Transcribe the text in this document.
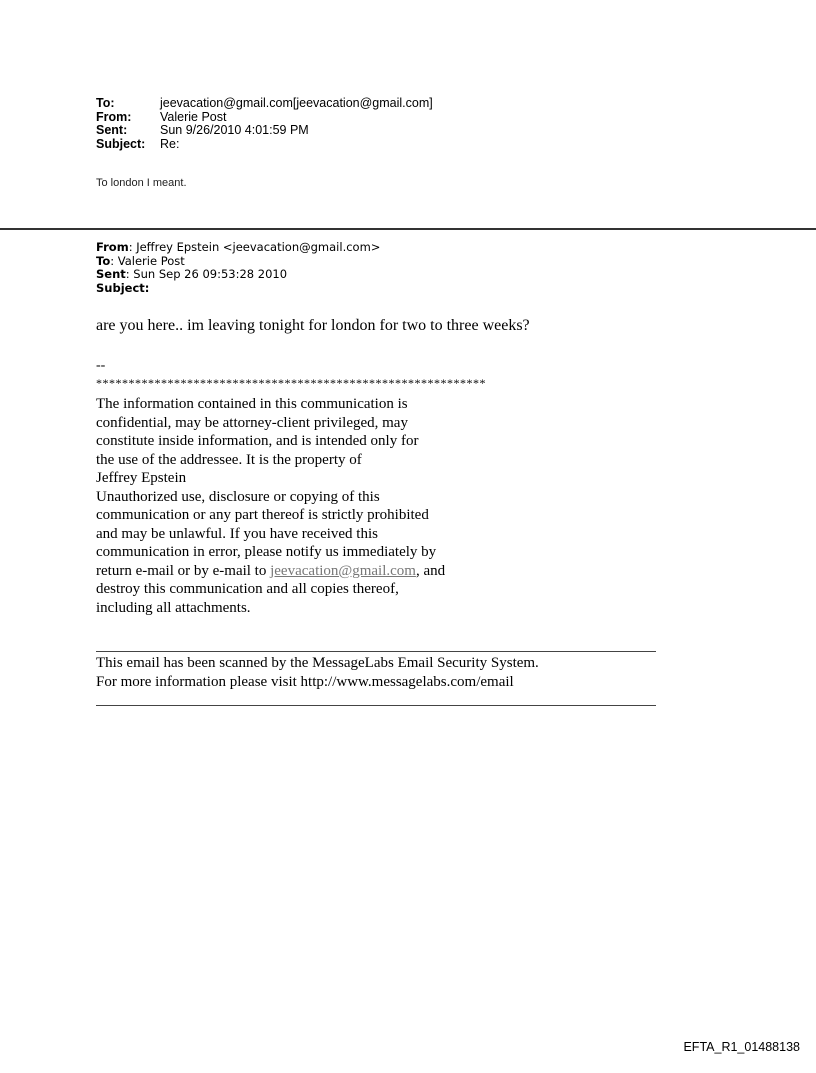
To:	jeevacation@gmail.com[jeevacation@gmail.com]
From:	Valerie Post
Sent:	Sun 9/26/2010 4:01:59 PM
Subject:	Re:
To london I meant.
From: Jeffrey Epstein <jeevacation@gmail.com>
To: Valerie Post
Sent: Sun Sep 26 09:53:28 2010
Subject:
are you here.. im leaving tonight for london for two to three weeks?
--
************************************************************
The information contained in this communication is
confidential, may be attorney-client privileged, may
constitute inside information, and is intended only for
the use of the addressee. It is the property of
Jeffrey Epstein
Unauthorized use, disclosure or copying of this
communication or any part thereof is strictly prohibited
and may be unlawful. If you have received this
communication in error, please notify us immediately by
return e-mail or by e-mail to jeevacation@gmail.com, and
destroy this communication and all copies thereof,
including all attachments.
This email has been scanned by the MessageLabs Email Security System.
For more information please visit http://www.messagelabs.com/email
EFTA_R1_01488138
